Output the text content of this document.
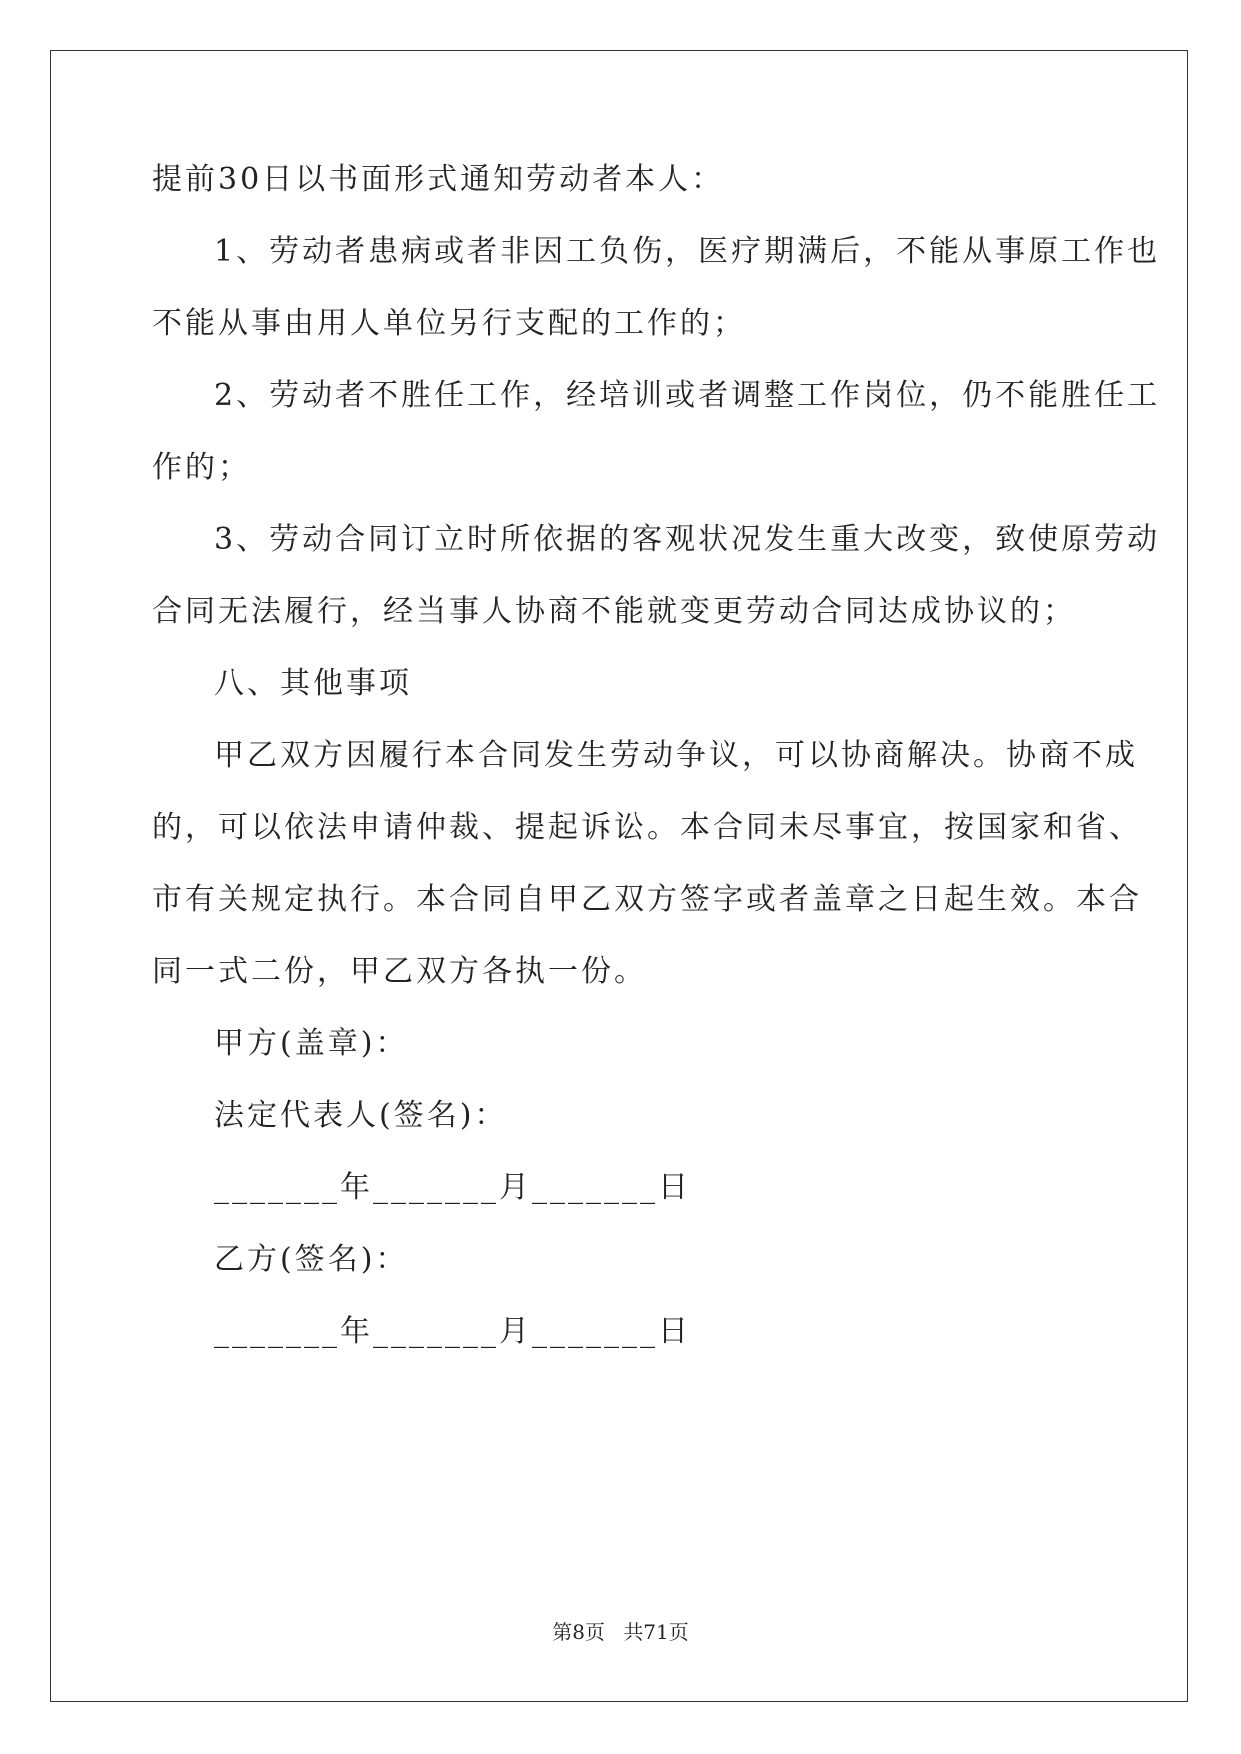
提前30日以书面形式通知劳动者本人：
1、劳动者患病或者非因工负伤，医疗期满后，不能从事原工作也
不能从事由用人单位另行支配的工作的；
2、劳动者不胜任工作，经培训或者调整工作岗位，仍不能胜任工
作的；
3、劳动合同订立时所依据的客观状况发生重大改变，致使原劳动
合同无法履行，经当事人协商不能就变更劳动合同达成协议的；
八、其他事项
甲乙双方因履行本合同发生劳动争议，可以协商解决。协商不成
的，可以依法申请仲裁、提起诉讼。本合同未尽事宜，按国家和省、
市有关规定执行。本合同自甲乙双方签字或者盖章之日起生效。本合
同一式二份，甲乙双方各执一份。
甲方(盖章)：
法定代表人(签名)：
_______年_______月_______日
乙方(签名)：
_______年_______月_______日
第8页 共71页
